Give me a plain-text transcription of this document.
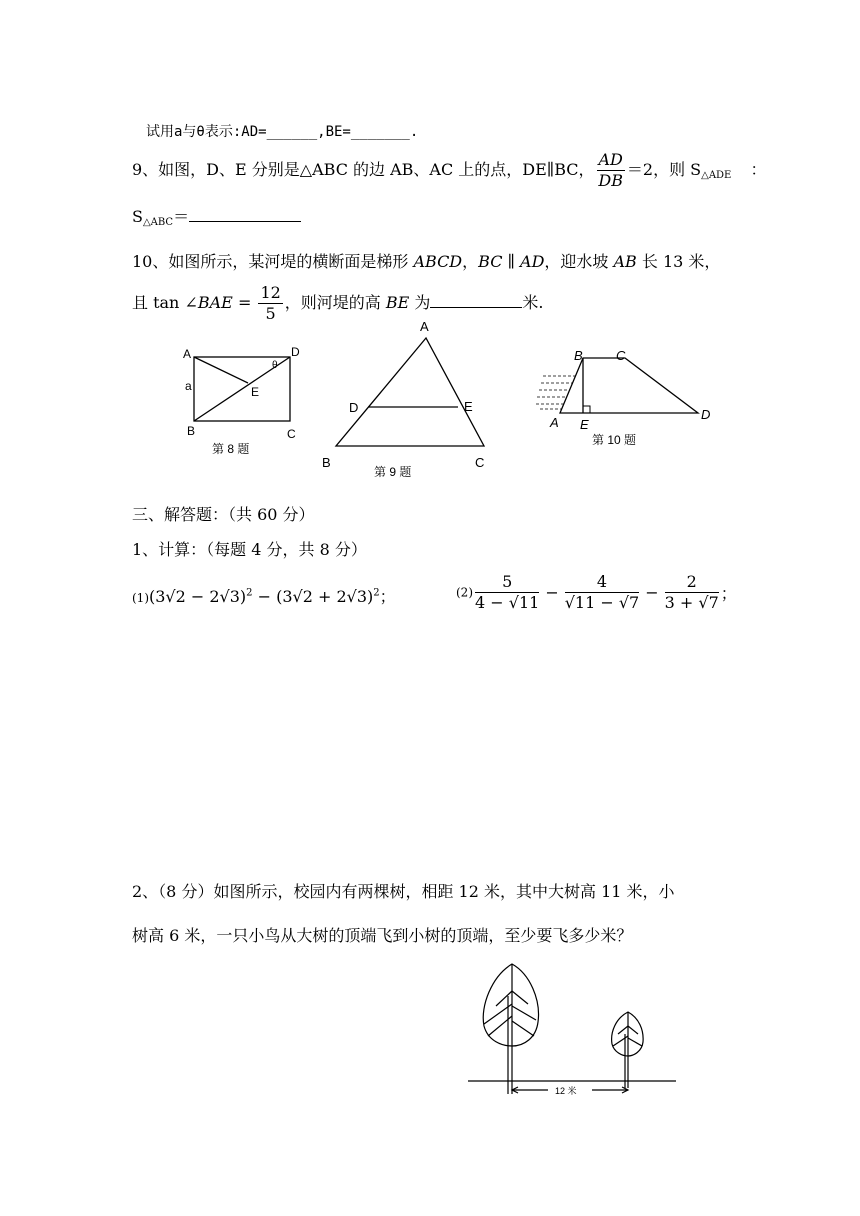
试用a与θ表示:AD=______,BE=_______.
9、如图，D、E 分别是△ABC 的边 AB、AC 上的点，DE∥BC， $\frac{AD}{DB} =2$，则 $S_{\triangle ADE}$ ：
$S_{\triangle ABC}=$
10、如图所示，某河堤的横断面是梯形 ABCD，BC ∥ AD，迎水坡 AB 长 13 米，
且 tan ∠BAE = $\frac{12}{5}$ ，则河堤的高 BE 为	米.
A	D
θ
a	E
B	C
第 8 题
A
D	E
B	C
第 9 题
B	C
A E
D
第 10 题
三、解答题：（共 60 分）
1、计算：（每题 4 分，共 8 分）
$(1)(3√2 - 2√3)^2 - (3√2 + 2√3)^2$；	$(2) \frac{5}{4 - √11} - \frac{4}{√11 - √7} - \frac{2}{3 + √7}$ ；
2、（8 分）如图所示，校园内有两棵树，相距 12 米，其中大树高 11 米，小
树高 6 米，一只小鸟从大树的顶端飞到小树的顶端，至少要飞多少米？
12 米
